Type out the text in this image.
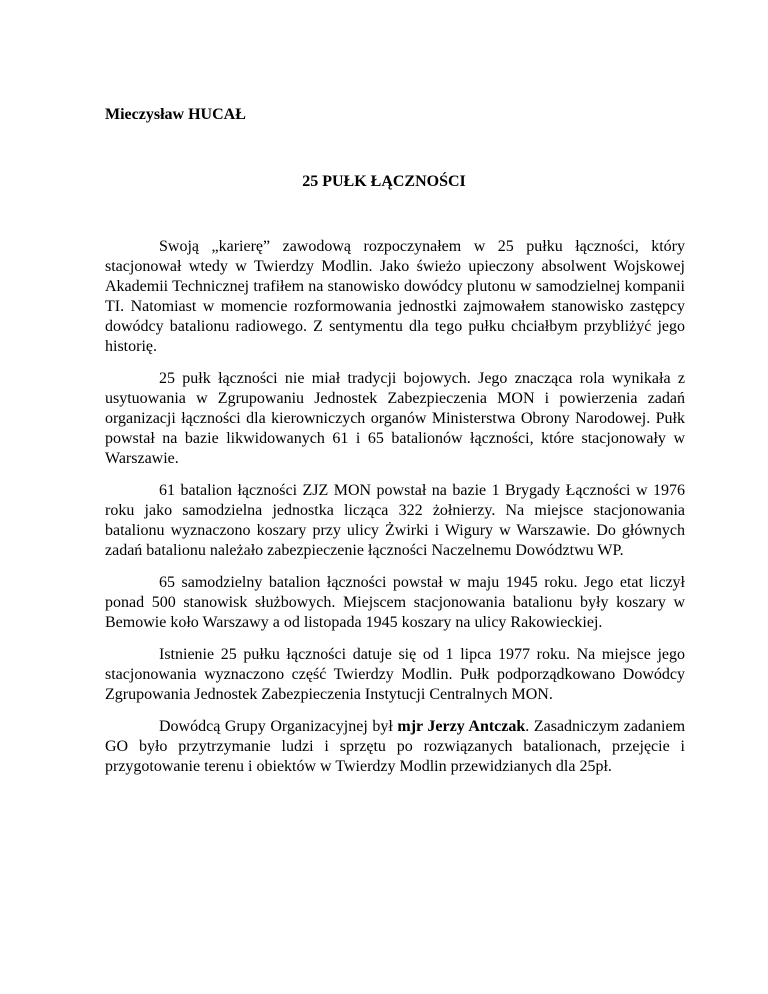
Mieczysław HUCAŁ

25 PUŁK ŁĄCZNOŚCI

Swoją „karierę” zawodową rozpoczynałem w 25 pułku łączności, który stacjonował wtedy w Twierdzy Modlin. Jako świeżo upieczony absolwent Wojskowej Akademii Technicznej trafiłem na stanowisko dowódcy plutonu w samodzielnej kompanii TI. Natomiast w momencie rozformowania jednostki zajmowałem stanowisko zastępcy dowódcy batalionu radiowego. Z sentymentu dla tego pułku chciałbym przybliżyć jego historię.

25 pułk łączności nie miał tradycji bojowych. Jego znacząca rola wynikała z usytuowania w Zgrupowaniu Jednostek Zabezpieczenia MON i powierzenia zadań organizacji łączności dla kierowniczych organów Ministerstwa Obrony Narodowej. Pułk powstał na bazie likwidowanych 61 i 65 batalionów łączności, które stacjonowały w Warszawie.

61 batalion łączności ZJZ MON powstał na bazie 1 Brygady Łączności w 1976 roku jako samodzielna jednostka licząca 322 żołnierzy. Na miejsce stacjonowania batalionu wyznaczono koszary przy ulicy Żwirki i Wigury w Warszawie. Do głównych zadań batalionu należało zabezpieczenie łączności Naczelnemu Dowództwu WP.

65 samodzielny batalion łączności powstał w maju 1945 roku. Jego etat liczył ponad 500 stanowisk służbowych. Miejscem stacjonowania batalionu były koszary w Bemowie koło Warszawy a od listopada 1945 koszary na ulicy Rakowieckiej.

Istnienie 25 pułku łączności datuje się od 1 lipca 1977 roku. Na miejsce jego stacjonowania wyznaczono część Twierdzy Modlin. Pułk podporządkowano Dowódcy Zgrupowania Jednostek Zabezpieczenia Instytucji Centralnych MON.

Dowódcą Grupy Organizacyjnej był mjr Jerzy Antczak. Zasadniczym zadaniem GO było przytrzymanie ludzi i sprzętu po rozwiązanych batalionach, przejęcie i przygotowanie terenu i obiektów w Twierdzy Modlin przewidzianych dla 25pł.
